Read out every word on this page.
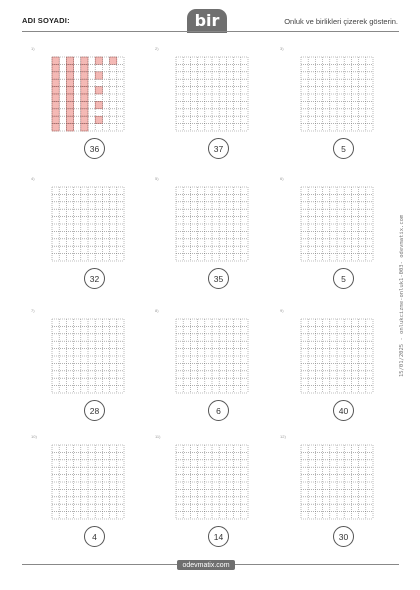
ADI SOYADI:	bir	Onluk ve birlikleri çizerek gösterin.
1)
36
2)
37
3)
5
4)
32
5)
35
6)
5
7)
28
8)
6
9)
40
10)
4
11)
14
12)
30
odevmatix.com
15/01/2025 - onlukcizme-onluk1-003- odevmatix.com
